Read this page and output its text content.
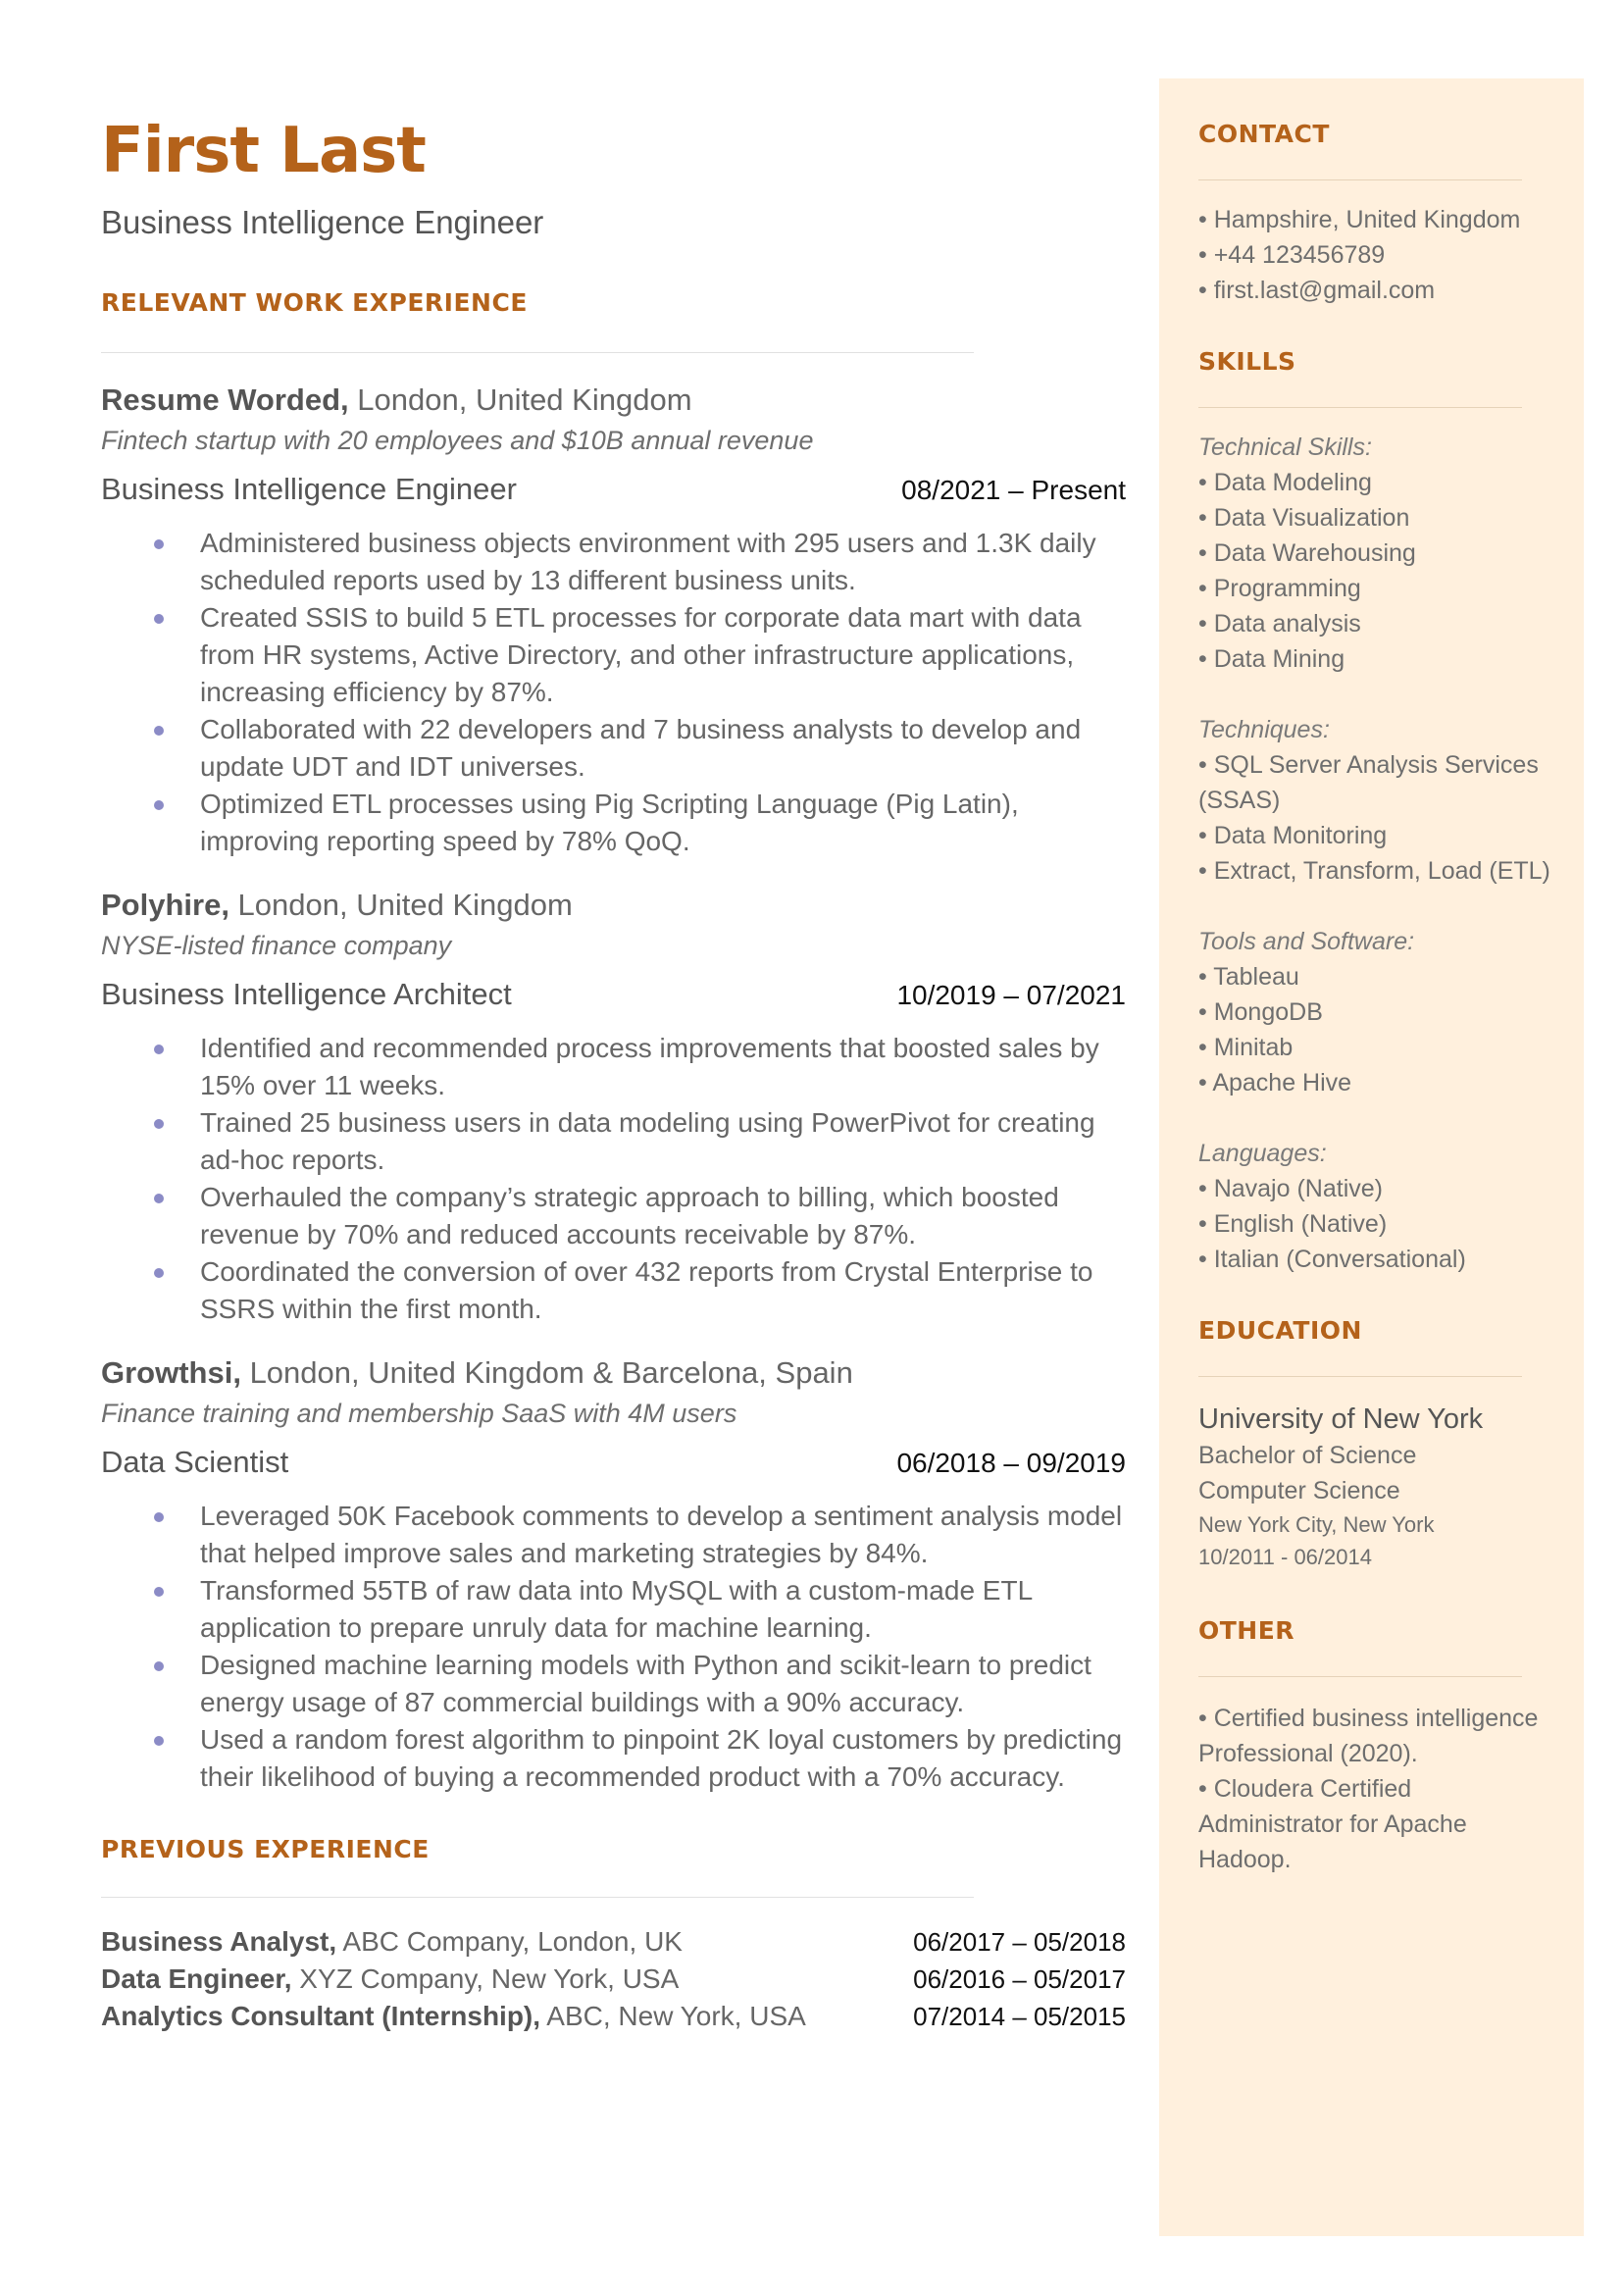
First Last
Business Intelligence Engineer
RELEVANT WORK EXPERIENCE
Resume Worded, London, United Kingdom
Fintech startup with 20 employees and $10B annual revenue
Business Intelligence Engineer	08/2021 – Present
Administered business objects environment with 295 users and 1.3K daily scheduled reports used by 13 different business units.
Created SSIS to build 5 ETL processes for corporate data mart with data from HR systems, Active Directory, and other infrastructure applications, increasing efficiency by 87%.
Collaborated with 22 developers and 7 business analysts to develop and update UDT and IDT universes.
Optimized ETL processes using Pig Scripting Language (Pig Latin), improving reporting speed by 78% QoQ.
Polyhire, London, United Kingdom
NYSE-listed finance company
Business Intelligence Architect	10/2019 – 07/2021
Identified and recommended process improvements that boosted sales by 15% over 11 weeks.
Trained 25 business users in data modeling using PowerPivot for creating ad-hoc reports.
Overhauled the company’s strategic approach to billing, which boosted revenue by 70% and reduced accounts receivable by 87%.
Coordinated the conversion of over 432 reports from Crystal Enterprise to SSRS within the first month.
Growthsi, London, United Kingdom & Barcelona, Spain
Finance training and membership SaaS with 4M users
Data Scientist	06/2018 – 09/2019
Leveraged 50K Facebook comments to develop a sentiment analysis model that helped improve sales and marketing strategies by 84%.
Transformed 55TB of raw data into MySQL with a custom-made ETL application to prepare unruly data for machine learning.
Designed machine learning models with Python and scikit-learn to predict energy usage of 87 commercial buildings with a 90% accuracy.
Used a random forest algorithm to pinpoint 2K loyal customers by predicting their likelihood of buying a recommended product with a 70% accuracy.
PREVIOUS EXPERIENCE
Business Analyst, ABC Company, London, UK	06/2017 – 05/2018
Data Engineer, XYZ Company, New York, USA	06/2016 – 05/2017
Analytics Consultant (Internship), ABC, New York, USA	07/2014 – 05/2015
CONTACT
• Hampshire, United Kingdom
• +44 123456789
• first.last@gmail.com
SKILLS
Technical Skills:
• Data Modeling
• Data Visualization
• Data Warehousing
• Programming
• Data analysis
• Data Mining
Techniques:
• SQL Server Analysis Services (SSAS)
• Data Monitoring
• Extract, Transform, Load (ETL)
Tools and Software:
• Tableau
• MongoDB
• Minitab
• Apache Hive
Languages:
• Navajo (Native)
• English (Native)
• Italian (Conversational)
EDUCATION
University of New York
Bachelor of Science
Computer Science
New York City, New York
10/2011 - 06/2014
OTHER
• Certified business intelligence Professional (2020).
• Cloudera Certified Administrator for Apache Hadoop.
